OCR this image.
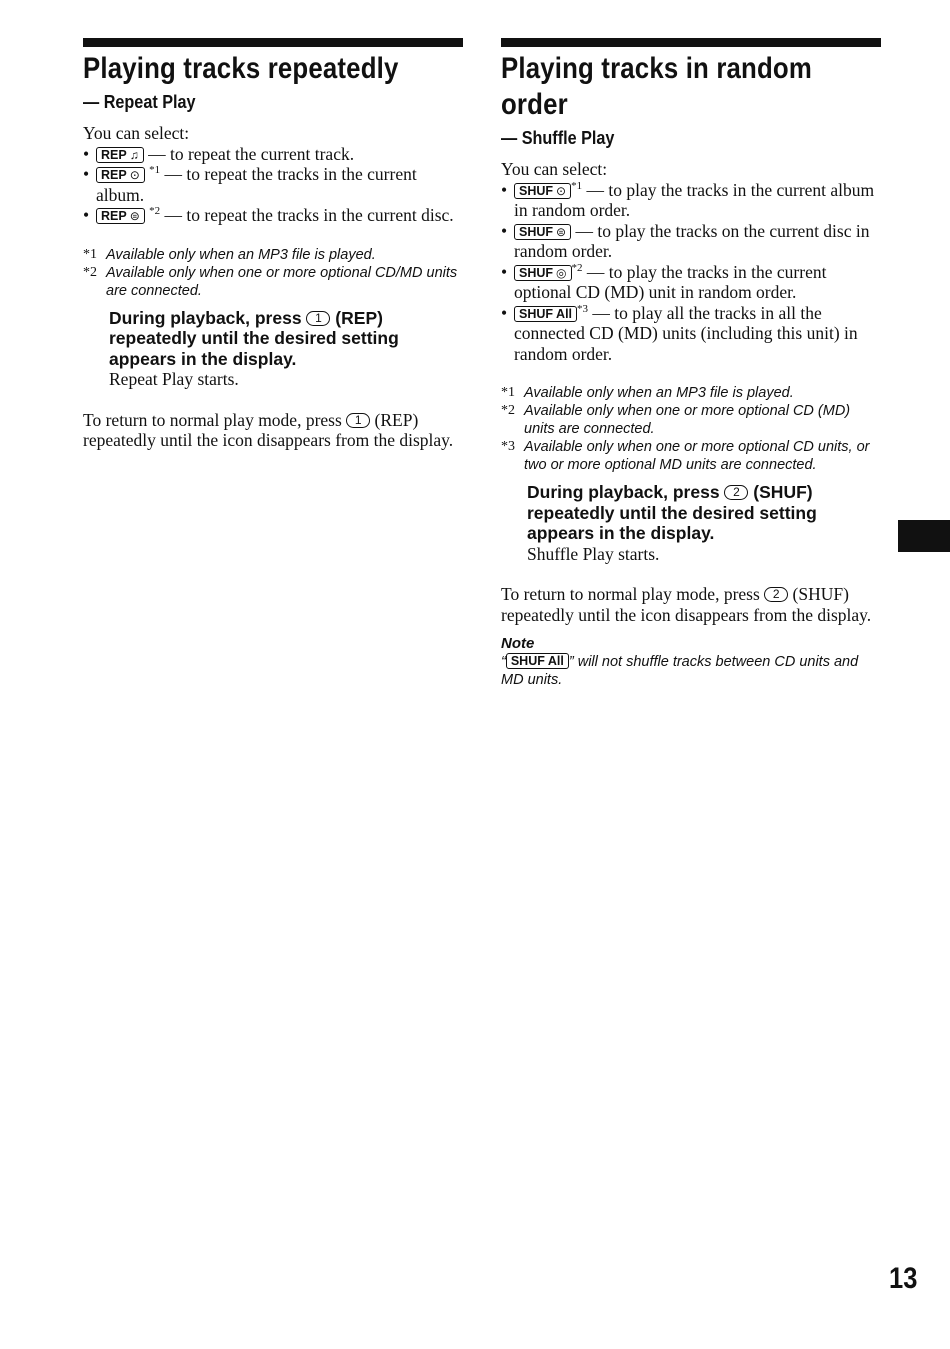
Playing tracks repeatedly
— Repeat Play
You can select:
• REP ♫ — to repeat the current track.
• REP ⊙ $^{*1}$ — to repeat the tracks in the current album.
• REP ⊜ $^{*2}$ — to repeat the tracks in the current disc.
*1 Available only when an MP3 file is played.
*2 Available only when one or more optional CD/MD units are connected.
During playback, press 1 (REP) repeatedly until the desired setting appears in the display.
Repeat Play starts.
To return to normal play mode, press 1 (REP) repeatedly until the icon disappears from the display.
Playing tracks in random order
— Shuffle Play
You can select:
• SHUF ⊙ $^{*1}$ — to play the tracks in the current album in random order.
• SHUF ⊜ — to play the tracks on the current disc in random order.
• SHUF ◎ $^{*2}$ — to play the tracks in the current optional CD (MD) unit in random order.
• SHUF All $^{*3}$ — to play all the tracks in all the connected CD (MD) units (including this unit) in random order.
*1 Available only when an MP3 file is played.
*2 Available only when one or more optional CD (MD) units are connected.
*3 Available only when one or more optional CD units, or two or more optional MD units are connected.
During playback, press 2 (SHUF) repeatedly until the desired setting appears in the display.
Shuffle Play starts.
To return to normal play mode, press 2 (SHUF) repeatedly until the icon disappears from the display.
Note
“ SHUF All ” will not shuffle tracks between CD units and MD units.
13
